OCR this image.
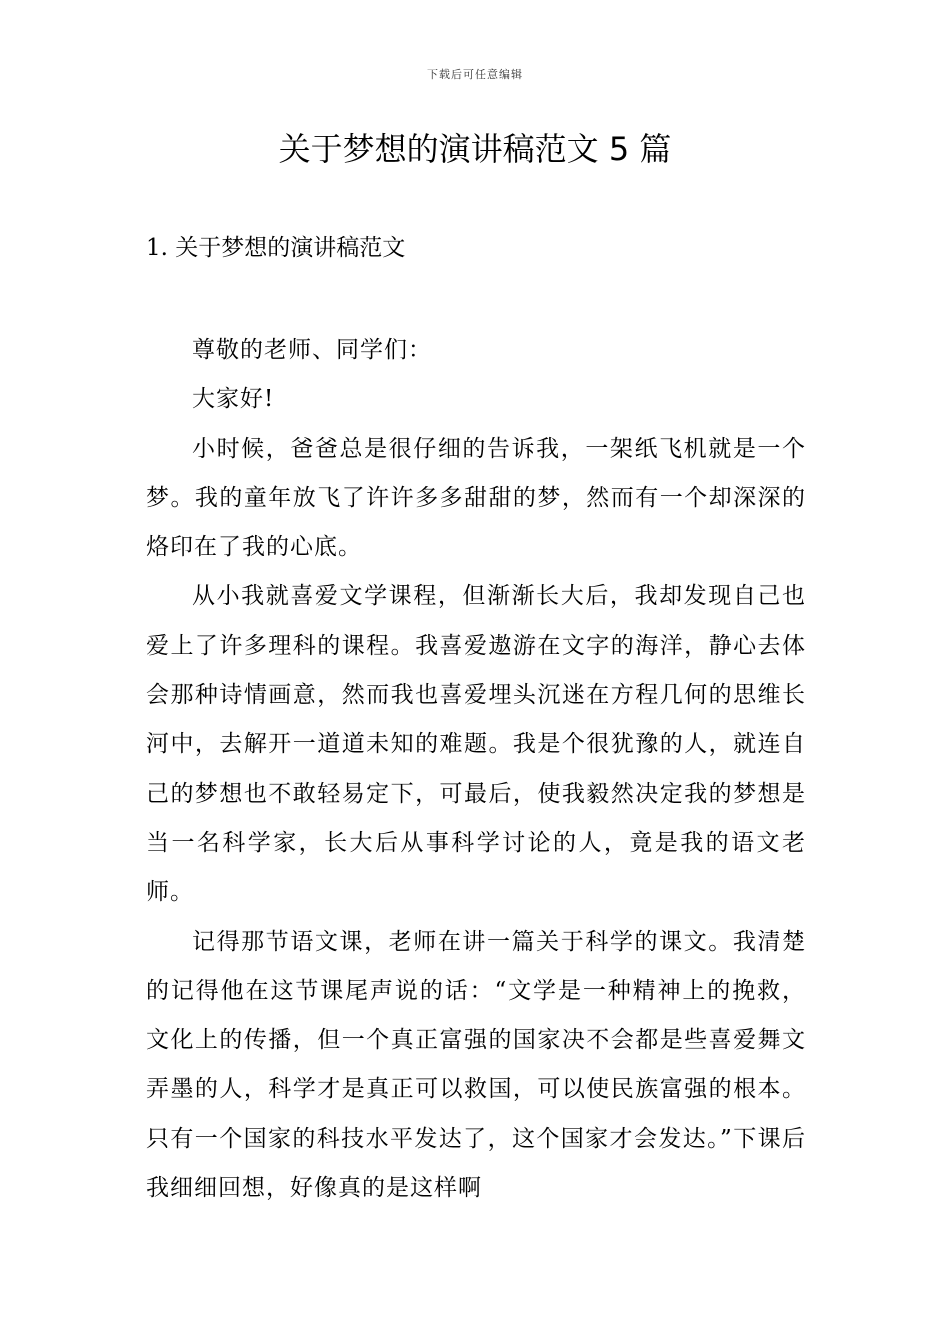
下载后可任意编辑
关于梦想的演讲稿范文 5 篇
1. 关于梦想的演讲稿范文

尊敬的老师、同学们：

大家好!

小时候，爸爸总是很仔细的告诉我，一架纸飞机就是一个梦。我的童年放飞了许许多多甜甜的梦，然而有一个却深深的烙印在了我的心底。

从小我就喜爱文学课程，但渐渐长大后，我却发现自己也爱上了许多理科的课程。我喜爱遨游在文字的海洋，静心去体会那种诗情画意，然而我也喜爱埋头沉迷在方程几何的思维长河中，去解开一道道未知的难题。我是个很犹豫的人，就连自己的梦想也不敢轻易定下，可最后，使我毅然决定我的梦想是当一名科学家，长大后从事科学讨论的人，竟是我的语文老师。

记得那节语文课，老师在讲一篇关于科学的课文。我清楚的记得他在这节课尾声说的话：“文学是一种精神上的挽救，文化上的传播，但一个真正富强的国家决不会都是些喜爱舞文弄墨的人，科学才是真正可以救国，可以使民族富强的根本。只有一个国家的科技水平发达了，这个国家才会发达。”下课后我细细回想，好像真的是这样啊
